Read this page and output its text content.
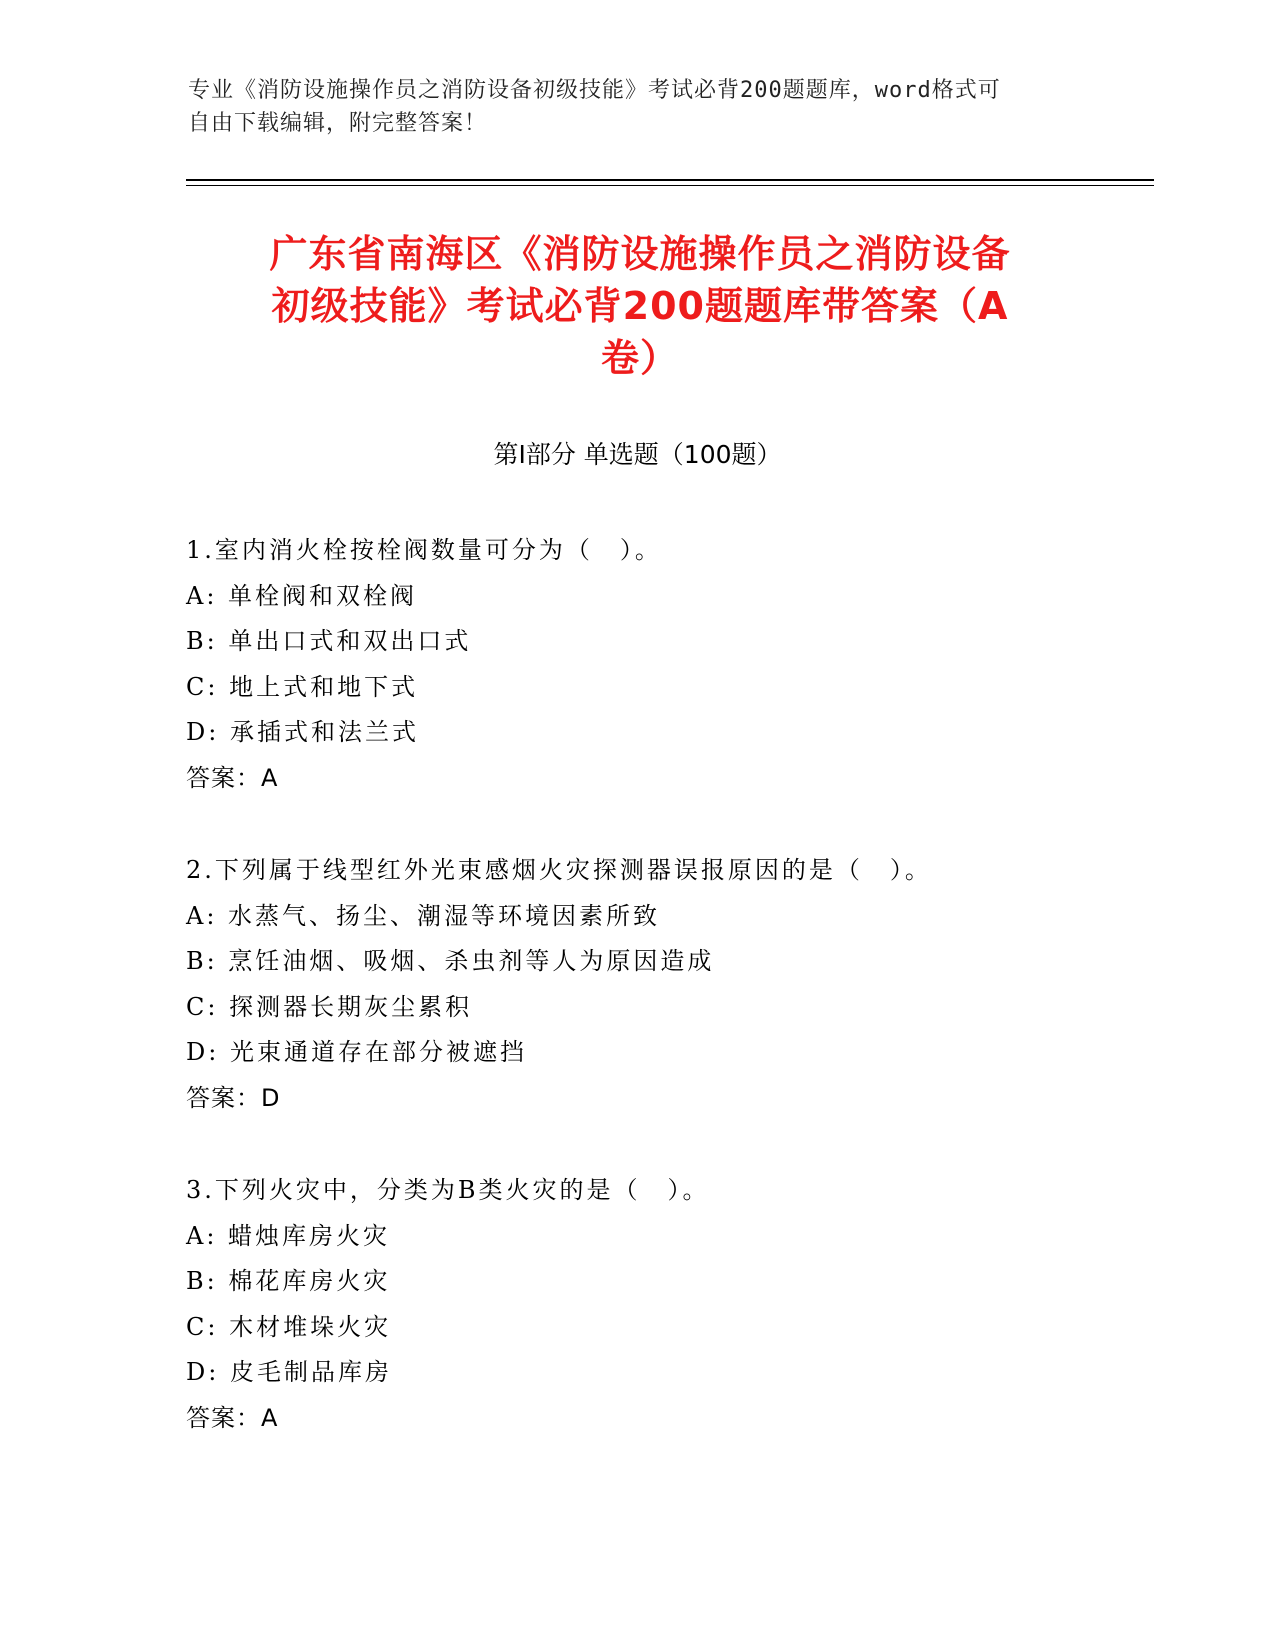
专业《消防设施操作员之消防设备初级技能》考试必背200题题库，word格式可
自由下载编辑，附完整答案！
广东省南海区《消防设施操作员之消防设备
初级技能》考试必背200题题库带答案（A
卷）
第Ⅰ部分 单选题（100题）
1.室内消火栓按栓阀数量可分为（　）。
A: 单栓阀和双栓阀
B: 单出口式和双出口式
C: 地上式和地下式
D: 承插式和法兰式
答案：A
2.下列属于线型红外光束感烟火灾探测器误报原因的是（　）。
A: 水蒸气、扬尘、潮湿等环境因素所致
B: 烹饪油烟、吸烟、杀虫剂等人为原因造成
C: 探测器长期灰尘累积
D: 光束通道存在部分被遮挡
答案：D
3.下列火灾中，分类为B类火灾的是（　）。
A: 蜡烛库房火灾
B: 棉花库房火灾
C: 木材堆垛火灾
D: 皮毛制品库房
答案：A
